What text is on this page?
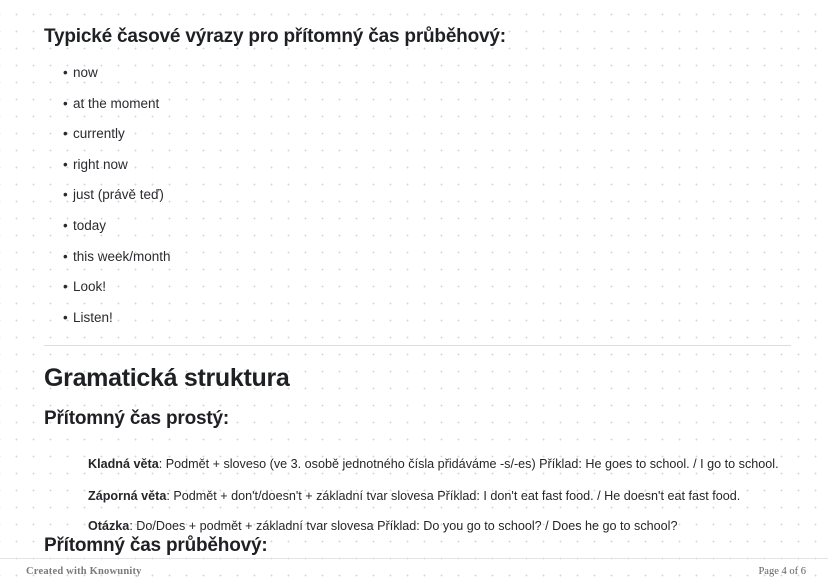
Typické časové výrazy pro přítomný čas průběhový:
• now
• at the moment
• currently
• right now
• just (právě teď)
• today
• this week/month
• Look!
• Listen!
Gramatická struktura
Přítomný čas prostý:

Kladná věta: Podmět + sloveso (ve 3. osobě jednotného čísla přidáváme -s/-es) Příklad: He goes to school. / I go to school.

Záporná věta: Podmět + don't/doesn't + základní tvar slovesa Příklad: I don't eat fast food. / He doesn't eat fast food.

Otázka: Do/Does + podmět + základní tvar slovesa Příklad: Do you go to school? / Does he go to school?

Přítomný čas průběhový:
Created with Knowunity	Page 4 of 6
